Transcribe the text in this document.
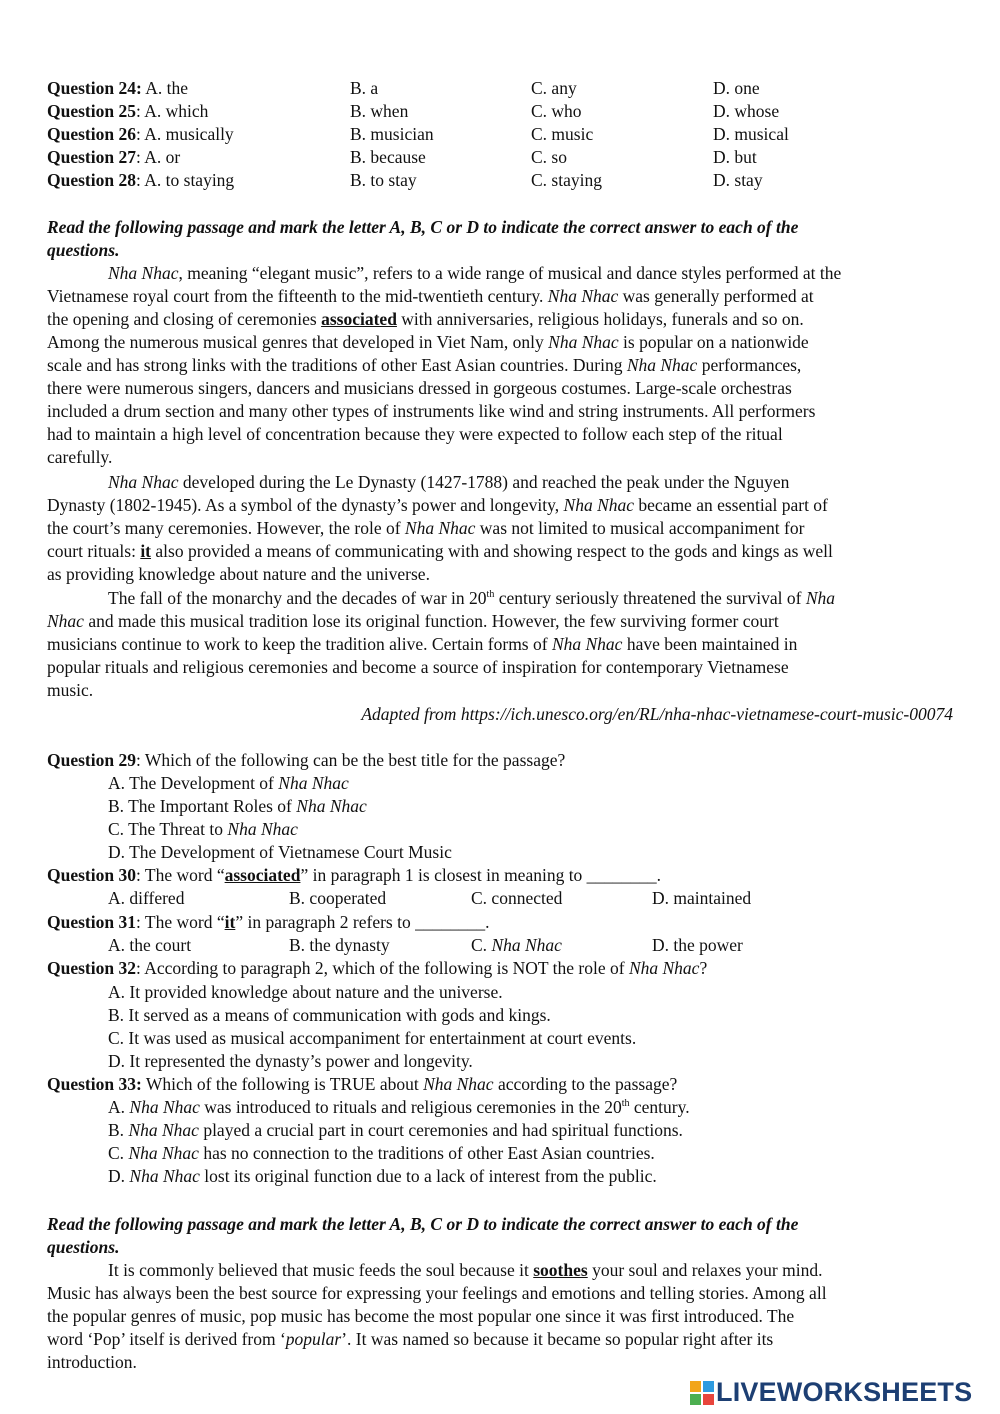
Question 24: A. the	B. a	C. any	D. one
Question 25: A. which	B. when	C. who	D. whose
Question 26: A. musically	B. musician	C. music	D. musical
Question 27: A. or	B. because	C. so	D. but
Question 28: A. to staying	B. to stay	C. staying	D. stay
Read the following passage and mark the letter A, B, C or D to indicate the correct answer to each of the
questions.
Nha Nhac, meaning “elegant music”, refers to a wide range of musical and dance styles performed at the
Vietnamese royal court from the fifteenth to the mid-twentieth century. Nha Nhac was generally performed at
the opening and closing of ceremonies associated with anniversaries, religious holidays, funerals and so on.
Among the numerous musical genres that developed in Viet Nam, only Nha Nhac is popular on a nationwide
scale and has strong links with the traditions of other East Asian countries. During Nha Nhac performances,
there were numerous singers, dancers and musicians dressed in gorgeous costumes. Large-scale orchestras
included a drum section and many other types of instruments like wind and string instruments. All performers
had to maintain a high level of concentration because they were expected to follow each step of the ritual
carefully.
Nha Nhac developed during the Le Dynasty (1427-1788) and reached the peak under the Nguyen
Dynasty (1802-1945). As a symbol of the dynasty’s power and longevity, Nha Nhac became an essential part of
the court’s many ceremonies. However, the role of Nha Nhac was not limited to musical accompaniment for
court rituals: it also provided a means of communicating with and showing respect to the gods and kings as well
as providing knowledge about nature and the universe.
The fall of the monarchy and the decades of war in 20th century seriously threatened the survival of Nha
Nhac and made this musical tradition lose its original function. However, the few surviving former court
musicians continue to work to keep the tradition alive. Certain forms of Nha Nhac have been maintained in
popular rituals and religious ceremonies and become a source of inspiration for contemporary Vietnamese
music.
Adapted from https://ich.unesco.org/en/RL/nha-nhac-vietnamese-court-music-00074
Question 29: Which of the following can be the best title for the passage?
A. The Development of Nha Nhac
B. The Important Roles of Nha Nhac
C. The Threat to Nha Nhac
D. The Development of Vietnamese Court Music
Question 30: The word “associated” in paragraph 1 is closest in meaning to ________.
A. differed	B. cooperated	C. connected	D. maintained
Question 31: The word “it” in paragraph 2 refers to ________.
A. the court	B. the dynasty	C. Nha Nhac	D. the power
Question 32: According to paragraph 2, which of the following is NOT the role of Nha Nhac?
A. It provided knowledge about nature and the universe.
B. It served as a means of communication with gods and kings.
C. It was used as musical accompaniment for entertainment at court events.
D. It represented the dynasty’s power and longevity.
Question 33: Which of the following is TRUE about Nha Nhac according to the passage?
A. Nha Nhac was introduced to rituals and religious ceremonies in the 20th century.
B. Nha Nhac played a crucial part in court ceremonies and had spiritual functions.
C. Nha Nhac has no connection to the traditions of other East Asian countries.
D. Nha Nhac lost its original function due to a lack of interest from the public.
Read the following passage and mark the letter A, B, C or D to indicate the correct answer to each of the
questions.
It is commonly believed that music feeds the soul because it soothes your soul and relaxes your mind.
Music has always been the best source for expressing your feelings and emotions and telling stories. Among all
the popular genres of music, pop music has become the most popular one since it was first introduced. The
word ‘Pop’ itself is derived from ‘popular’. It was named so because it became so popular right after its
introduction.
LIVEWORKSHEETS
